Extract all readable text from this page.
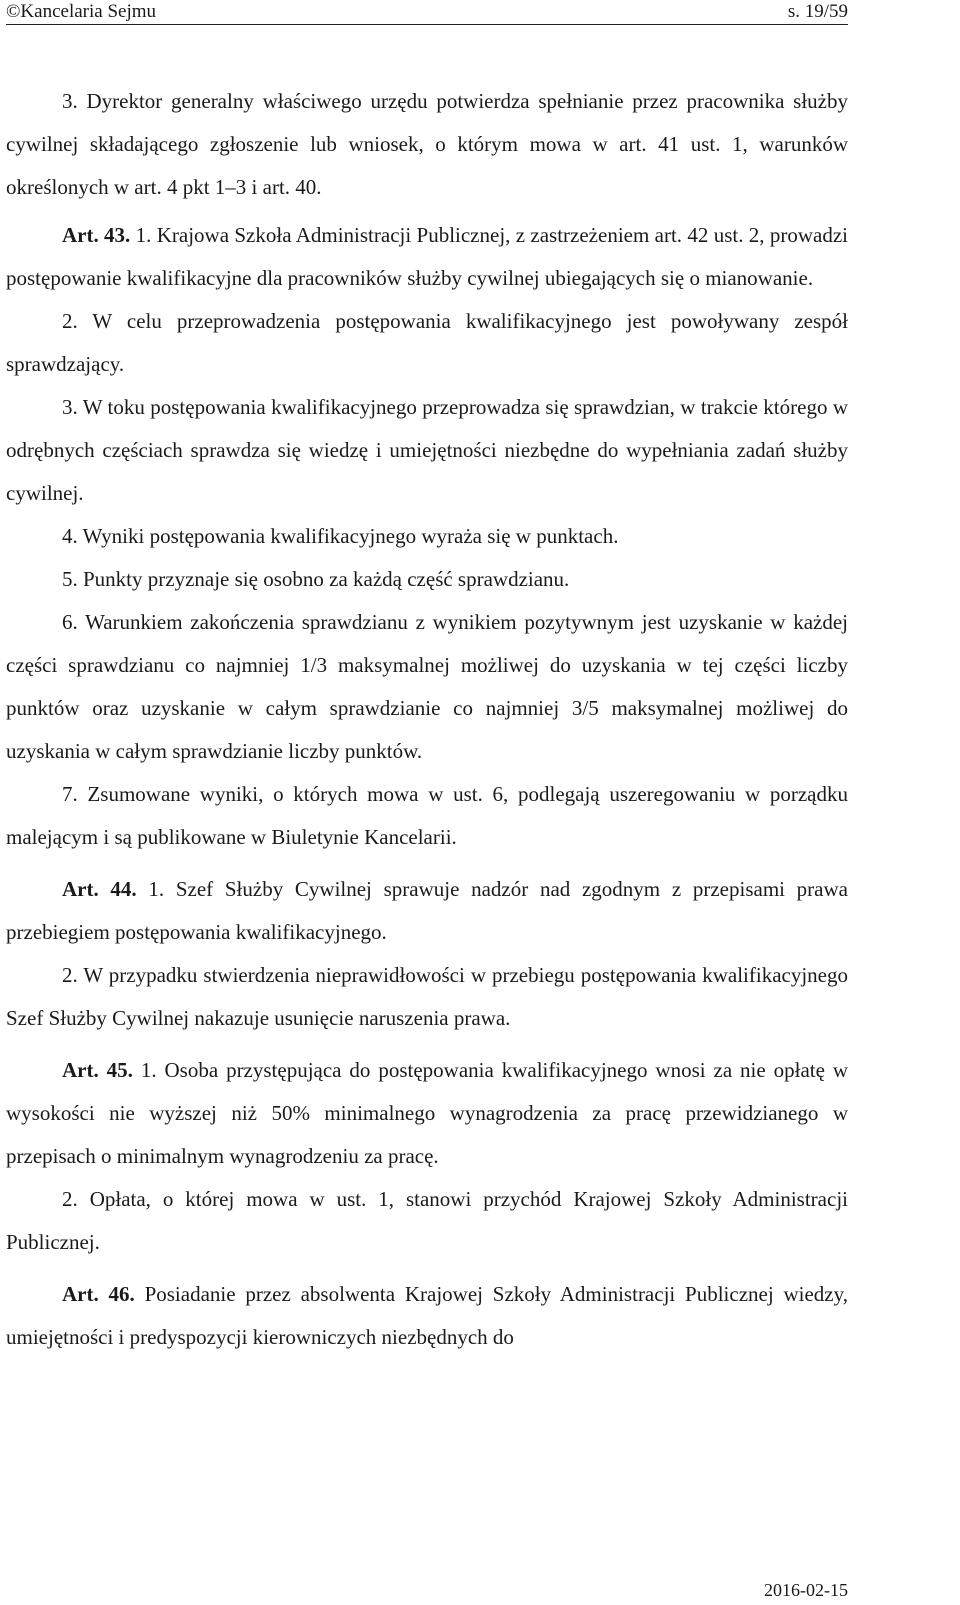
©Kancelaria Sejmu	s. 19/59

3. Dyrektor generalny właściwego urzędu potwierdza spełnianie przez pracownika służby cywilnej składającego zgłoszenie lub wniosek, o którym mowa w art. 41 ust. 1, warunków określonych w art. 4 pkt 1–3 i art. 40.

Art. 43. 1. Krajowa Szkoła Administracji Publicznej, z zastrzeżeniem art. 42 ust. 2, prowadzi postępowanie kwalifikacyjne dla pracowników służby cywilnej ubiegających się o mianowanie.

2. W celu przeprowadzenia postępowania kwalifikacyjnego jest powoływany zespół sprawdzający.

3. W toku postępowania kwalifikacyjnego przeprowadza się sprawdzian, w trakcie którego w odrębnych częściach sprawdza się wiedzę i umiejętności niezbędne do wypełniania zadań służby cywilnej.

4. Wyniki postępowania kwalifikacyjnego wyraża się w punktach.

5. Punkty przyznaje się osobno za każdą część sprawdzianu.

6. Warunkiem zakończenia sprawdzianu z wynikiem pozytywnym jest uzyskanie w każdej części sprawdzianu co najmniej 1/3 maksymalnej możliwej do uzyskania w tej części liczby punktów oraz uzyskanie w całym sprawdzianie co najmniej 3/5 maksymalnej możliwej do uzyskania w całym sprawdzianie liczby punktów.

7. Zsumowane wyniki, o których mowa w ust. 6, podlegają uszeregowaniu w porządku malejącym i są publikowane w Biuletynie Kancelarii.

Art. 44. 1. Szef Służby Cywilnej sprawuje nadzór nad zgodnym z przepisami prawa przebiegiem postępowania kwalifikacyjnego.

2. W przypadku stwierdzenia nieprawidłowości w przebiegu postępowania kwalifikacyjnego Szef Służby Cywilnej nakazuje usunięcie naruszenia prawa.

Art. 45. 1. Osoba przystępująca do postępowania kwalifikacyjnego wnosi za nie opłatę w wysokości nie wyższej niż 50% minimalnego wynagrodzenia za pracę przewidzianego w przepisach o minimalnym wynagrodzeniu za pracę.

2. Opłata, o której mowa w ust. 1, stanowi przychód Krajowej Szkoły Administracji Publicznej.

Art. 46. Posiadanie przez absolwenta Krajowej Szkoły Administracji Publicznej wiedzy, umiejętności i predyspozycji kierowniczych niezbędnych do

2016-02-15
